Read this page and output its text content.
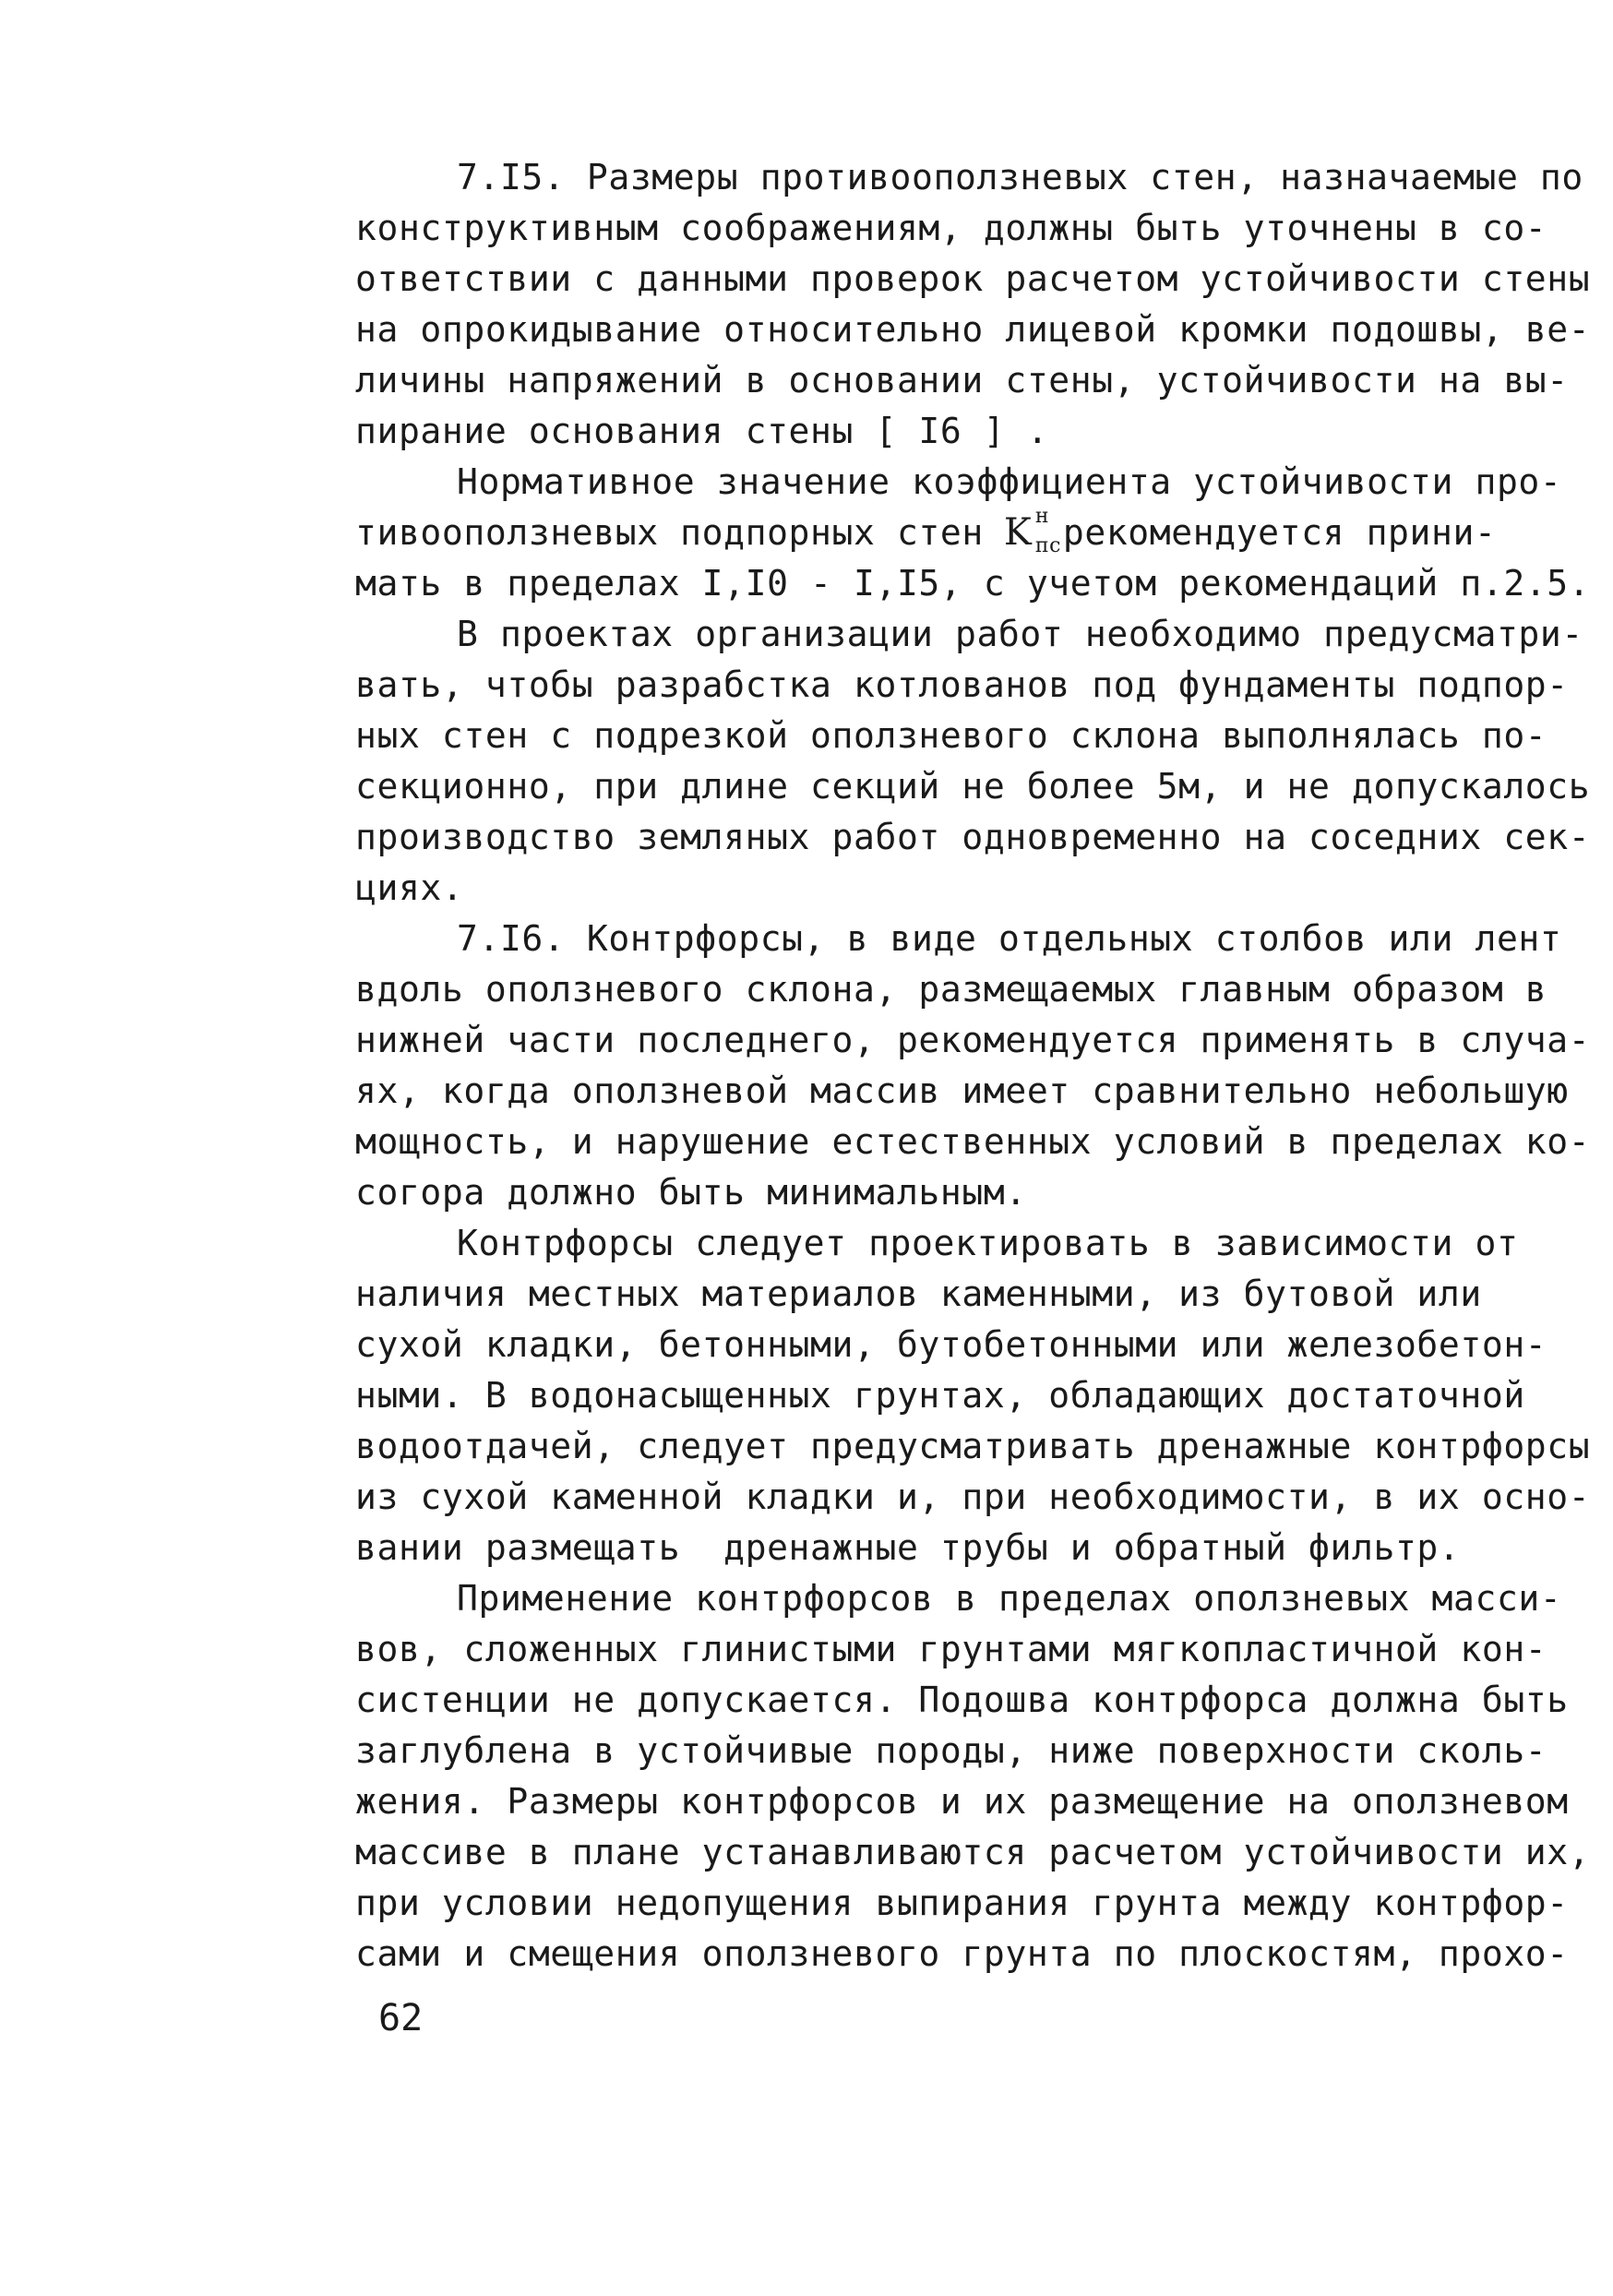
7.I5. Размеры противооползневых стен, назначаемые по
конструктивным соображениям, должны быть уточнены в со-
ответствии с данными проверок расчетом устойчивости стены
на опрокидывание относительно лицевой кромки подошвы, ве-
личины напряжений в основании стены, устойчивости на вы-
пирание основания стены [ I6 ] .
Нормативное значение коэффициента устойчивости про-
тивооползневых подпорных стен K н
пс рекомендуется прини-
мать в пределах I,I0 - I,I5, с учетом рекомендаций п.2.5.
В проектах организации работ необходимо предусматри-
вать, чтобы разрабстка котлованов под фундаменты подпор-
ных стен с подрезкой оползневого склона выполнялась по-
секционно, при длине секций не более 5м, и не допускалось
производство земляных работ одновременно на соседних сек-
циях.
7.I6. Контрфорсы, в виде отдельных столбов или лент
вдоль оползневого склона, размещаемых главным образом в
нижней части последнего, рекомендуется применять в случа-
ях, когда оползневой массив имеет сравнительно небольшую
мощность, и нарушение естественных условий в пределах ко-
согора должно быть минимальным.
Контрфорсы следует проектировать в зависимости от
наличия местных материалов каменными, из бутовой или
сухой кладки, бетонными, бутобетонными или железобетон-
ными. В водонасыщенных грунтах, обладающих достаточной
водоотдачей, следует предусматривать дренажные контрфорсы
из сухой каменной кладки и, при необходимости, в их осно-
вании размещать  дренажные трубы и обратный фильтр.
Применение контрфорсов в пределах оползневых масси-
вов, сложенных глинистыми грунтами мягкопластичной кон-
систенции не допускается. Подошва контрфорса должна быть
заглублена в устойчивые породы, ниже поверхности сколь-
жения. Размеры контрфорсов и их размещение на оползневом
массиве в плане устанавливаются расчетом устойчивости их,
при условии недопущения выпирания грунта между контрфор-
сами и смещения оползневого грунта по плоскостям, прохо-
62
